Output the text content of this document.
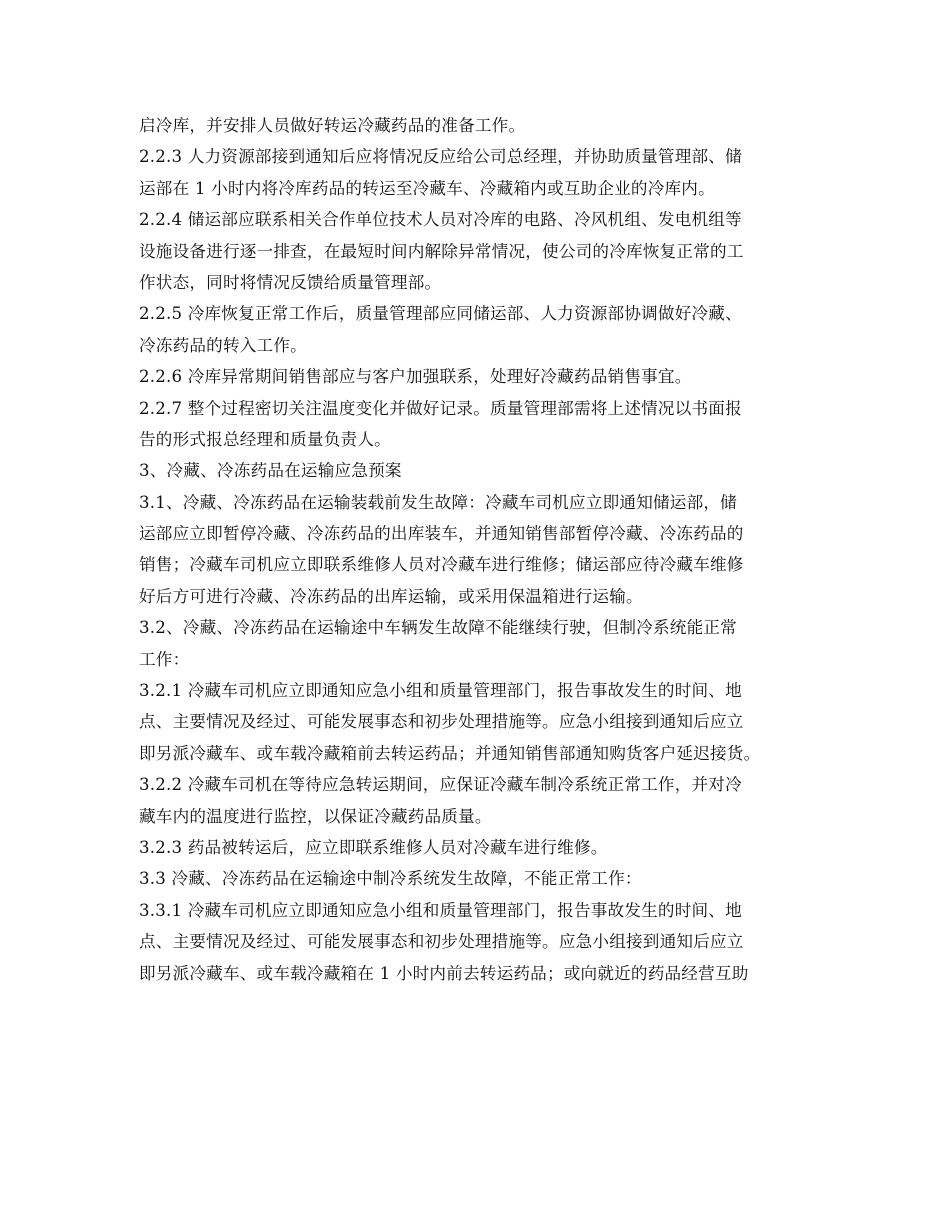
启冷库，并安排人员做好转运冷藏药品的准备工作。
2.2.3 人力资源部接到通知后应将情况反应给公司总经理，并协助质量管理部、储
运部在 1 小时内将冷库药品的转运至冷藏车、冷藏箱内或互助企业的冷库内。
2.2.4 储运部应联系相关合作单位技术人员对冷库的电路、冷风机组、发电机组等
设施设备进行逐一排查，在最短时间内解除异常情况，使公司的冷库恢复正常的工
作状态，同时将情况反馈给质量管理部。
2.2.5 冷库恢复正常工作后，质量管理部应同储运部、人力资源部协调做好冷藏、
冷冻药品的转入工作。
2.2.6 冷库异常期间销售部应与客户加强联系，处理好冷藏药品销售事宜。
2.2.7 整个过程密切关注温度变化并做好记录。质量管理部需将上述情况以书面报
告的形式报总经理和质量负责人。
3、冷藏、冷冻药品在运输应急预案
3.1、冷藏、冷冻药品在运输装载前发生故障：冷藏车司机应立即通知储运部，储
运部应立即暂停冷藏、冷冻药品的出库装车，并通知销售部暂停冷藏、冷冻药品的
销售；冷藏车司机应立即联系维修人员对冷藏车进行维修；储运部应待冷藏车维修
好后方可进行冷藏、冷冻药品的出库运输，或采用保温箱进行运输。
3.2、冷藏、冷冻药品在运输途中车辆发生故障不能继续行驶，但制冷系统能正常
工作：
3.2.1 冷藏车司机应立即通知应急小组和质量管理部门，报告事故发生的时间、地
点、主要情况及经过、可能发展事态和初步处理措施等。应急小组接到通知后应立
即另派冷藏车、或车载冷藏箱前去转运药品；并通知销售部通知购货客户延迟接货。
3.2.2 冷藏车司机在等待应急转运期间，应保证冷藏车制冷系统正常工作，并对冷
藏车内的温度进行监控，以保证冷藏药品质量。
3.2.3 药品被转运后，应立即联系维修人员对冷藏车进行维修。
3.3 冷藏、冷冻药品在运输途中制冷系统发生故障，不能正常工作：
3.3.1 冷藏车司机应立即通知应急小组和质量管理部门，报告事故发生的时间、地
点、主要情况及经过、可能发展事态和初步处理措施等。应急小组接到通知后应立
即另派冷藏车、或车载冷藏箱在 1 小时内前去转运药品；或向就近的药品经营互助
